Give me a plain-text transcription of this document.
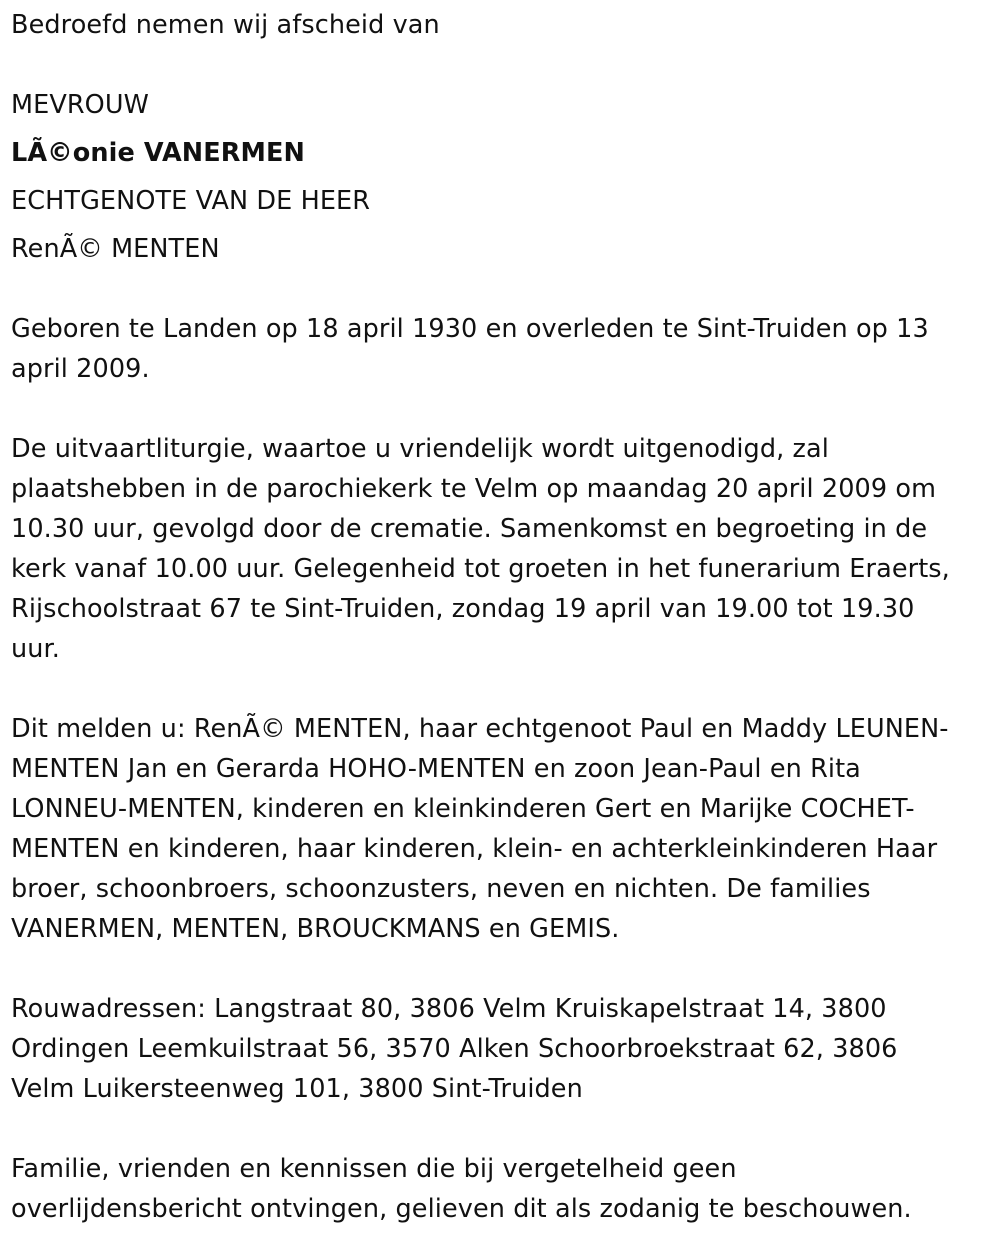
Bedroefd nemen wij afscheid van

MEVROUW

LÃ©onie VANERMEN

ECHTGENOTE VAN DE HEER

RenÃ© MENTEN

Geboren te Landen op 18 april 1930 en overleden te Sint-Truiden op 13
april 2009.
De uitvaartliturgie, waartoe u vriendelijk wordt uitgenodigd, zal
plaatshebben in de parochiekerk te Velm op maandag 20 april 2009 om
10.30 uur, gevolgd door de crematie. Samenkomst en begroeting in de
kerk vanaf 10.00 uur. Gelegenheid tot groeten in het funerarium Eraerts,
Rijschoolstraat 67 te Sint-Truiden, zondag 19 april van 19.00 tot 19.30
uur.
Dit melden u: RenÃ© MENTEN, haar echtgenoot Paul en Maddy LEUNEN-
MENTEN Jan en Gerarda HOHO-MENTEN en zoon Jean-Paul en Rita
LONNEU-MENTEN, kinderen en kleinkinderen Gert en Marijke COCHET-
MENTEN en kinderen, haar kinderen, klein- en achterkleinkinderen Haar
broer, schoonbroers, schoonzusters, neven en nichten. De families
VANERMEN, MENTEN, BROUCKMANS en GEMIS.
Rouwadressen: Langstraat 80, 3806 Velm Kruiskapelstraat 14, 3800
Ordingen Leemkuilstraat 56, 3570 Alken Schoorbroekstraat 62, 3806
Velm Luikersteenweg 101, 3800 Sint-Truiden
Familie, vrienden en kennissen die bij vergetelheid geen
overlijdensbericht ontvingen, gelieven dit als zodanig te beschouwen.
